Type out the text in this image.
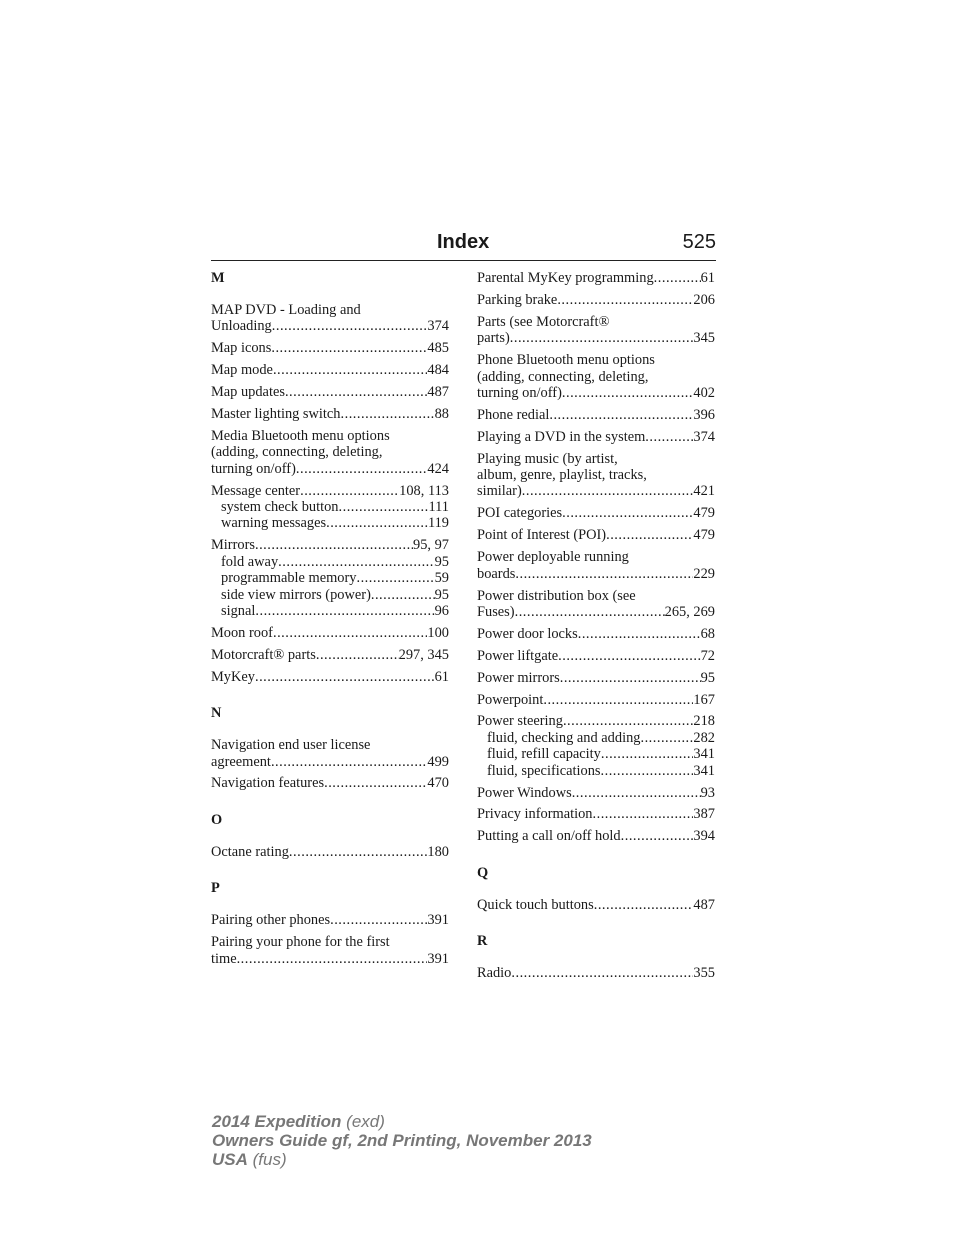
Index	525
M
MAP DVD - Loading and
Unloading .....	374
Map icons .....	485
Map mode .....	484
Map updates .....	487
Master lighting switch .....	88
Media Bluetooth menu options
(adding, connecting, deleting,
turning on/off) .....	424
Message center .....	108, 113
system check button .....	111
warning messages .....	119
Mirrors .....	95, 97
fold away .....	95
programmable memory .....	59
side view mirrors (power) .....	95
signal .....	96
Moon roof .....	100
Motorcraft® parts .....	297, 345
MyKey .....	61
N
Navigation end user license
agreement .....	499
Navigation features .....	470
O
Octane rating .....	180
P
Pairing other phones .....	391
Pairing your phone for the first
time .....	391
Parental MyKey programming .....	61
Parking brake .....	206
Parts (see Motorcraft®
parts) .....	345
Phone Bluetooth menu options
(adding, connecting, deleting,
turning on/off) .....	402
Phone redial .....	396
Playing a DVD in the system .....	374
Playing music (by artist,
album, genre, playlist, tracks,
similar) .....	421
POI categories .....	479
Point of Interest (POI) .....	479
Power deployable running
boards .....	229
Power distribution box (see
Fuses) .....	265, 269
Power door locks .....	68
Power liftgate .....	72
Power mirrors .....	95
Powerpoint .....	167
Power steering .....	218
fluid, checking and adding .....	282
fluid, refill capacity .....	341
fluid, specifications .....	341
Power Windows .....	93
Privacy information .....	387
Putting a call on/off hold .....	394
Q
Quick touch buttons .....	487
R
Radio .....	355
2014 Expedition (exd)
Owners Guide gf, 2nd Printing, November 2013
USA (fus)
